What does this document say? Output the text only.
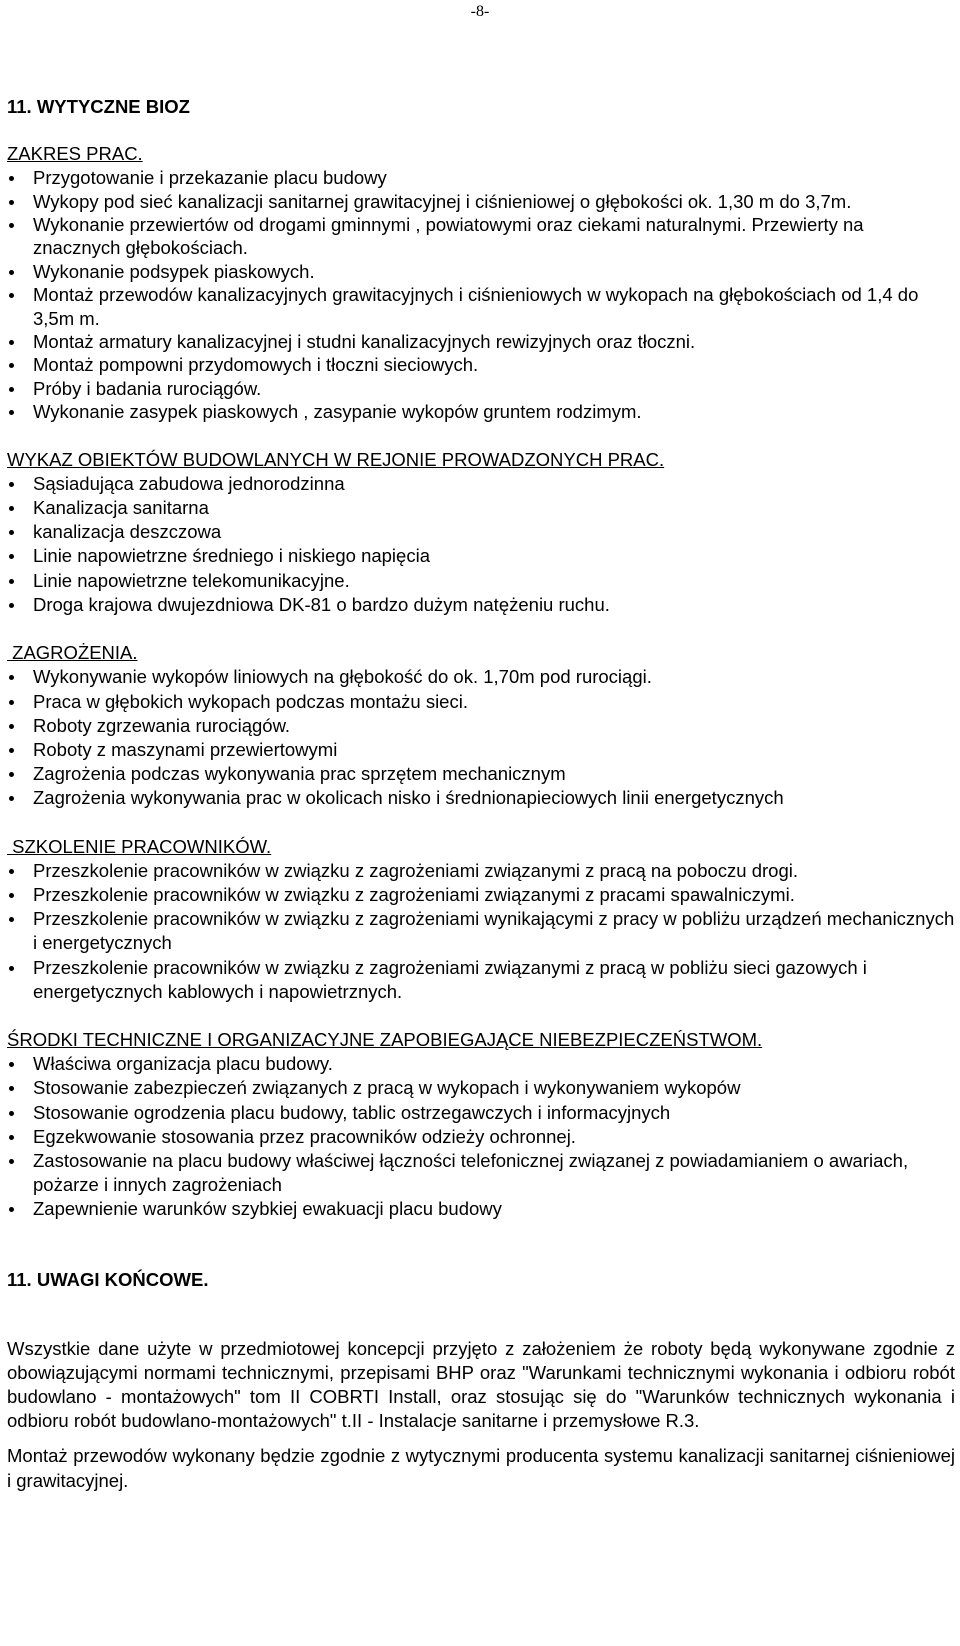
-8-
11. WYTYCZNE BIOZ

ZAKRES PRAC.

Przygotowanie i przekazanie placu budowy
Wykopy pod sieć kanalizacji sanitarnej grawitacyjnej i ciśnieniowej o głębokości ok. 1,30 m do 3,7m.
Wykonanie przewiertów od drogami gminnymi , powiatowymi oraz ciekami naturalnymi. Przewierty na znacznych głębokościach.
Wykonanie podsypek piaskowych.
Montaż przewodów kanalizacyjnych grawitacyjnych i ciśnieniowych w wykopach na głębokościach od 1,4 do 3,5m m.
Montaż armatury kanalizacyjnej i studni kanalizacyjnych rewizyjnych oraz tłoczni.
Montaż pompowni przydomowych i tłoczni sieciowych.
Próby i badania rurociągów.
Wykonanie zasypek piaskowych , zasypanie wykopów gruntem rodzimym.

WYKAZ OBIEKTÓW BUDOWLANYCH W REJONIE PROWADZONYCH PRAC.

Sąsiadująca zabudowa jednorodzinna
Kanalizacja sanitarna
kanalizacja deszczowa
Linie napowietrzne średniego i niskiego napięcia
Linie napowietrzne telekomunikacyjne.
Droga krajowa dwujezdniowa DK-81 o bardzo dużym natężeniu ruchu.

ZAGROŻENIA.

Wykonywanie wykopów liniowych na głębokość do ok. 1,70m pod rurociągi.
Praca w głębokich wykopach podczas montażu sieci.
Roboty zgrzewania rurociągów.
Roboty z maszynami przewiertowymi
Zagrożenia podczas wykonywania prac sprzętem mechanicznym
Zagrożenia wykonywania prac w okolicach nisko i średnionapieciowych linii energetycznych

SZKOLENIE PRACOWNIKÓW.

Przeszkolenie pracowników w związku z zagrożeniami związanymi z pracą na poboczu drogi.
Przeszkolenie pracowników w związku z zagrożeniami związanymi z pracami spawalniczymi.
Przeszkolenie pracowników w związku z zagrożeniami wynikającymi z pracy w pobliżu urządzeń mechanicznych i energetycznych
Przeszkolenie pracowników w związku z zagrożeniami związanymi z pracą w pobliżu sieci gazowych i energetycznych kablowych i napowietrznych.

ŚRODKI TECHNICZNE I ORGANIZACYJNE ZAPOBIEGAJĄCE NIEBEZPIECZEŃSTWOM.

Właściwa organizacja placu budowy.
Stosowanie zabezpieczeń związanych z pracą w wykopach i wykonywaniem wykopów
Stosowanie ogrodzenia placu budowy, tablic ostrzegawczych i informacyjnych
Egzekwowanie stosowania przez pracowników odzieży ochronnej.
Zastosowanie na placu budowy właściwej łączności telefonicznej związanej z powiadamianiem o awariach, pożarze i innych zagrożeniach
Zapewnienie warunków szybkiej ewakuacji placu budowy
11. UWAGI KOŃCOWE.

Wszystkie dane użyte w przedmiotowej koncepcji przyjęto z założeniem że roboty będą wykonywane zgodnie z obowiązującymi normami technicznymi, przepisami BHP oraz "Warunkami technicznymi wykonania i odbioru robót budowlano - montażowych" tom II COBRTI Install, oraz stosując się do "Warunków technicznych wykonania i odbioru robót budowlano-montażowych" t.II - Instalacje sanitarne i przemysłowe R.3.

Montaż przewodów wykonany będzie zgodnie z wytycznymi producenta systemu kanalizacji sanitarnej ciśnieniowej i grawitacyjnej.
